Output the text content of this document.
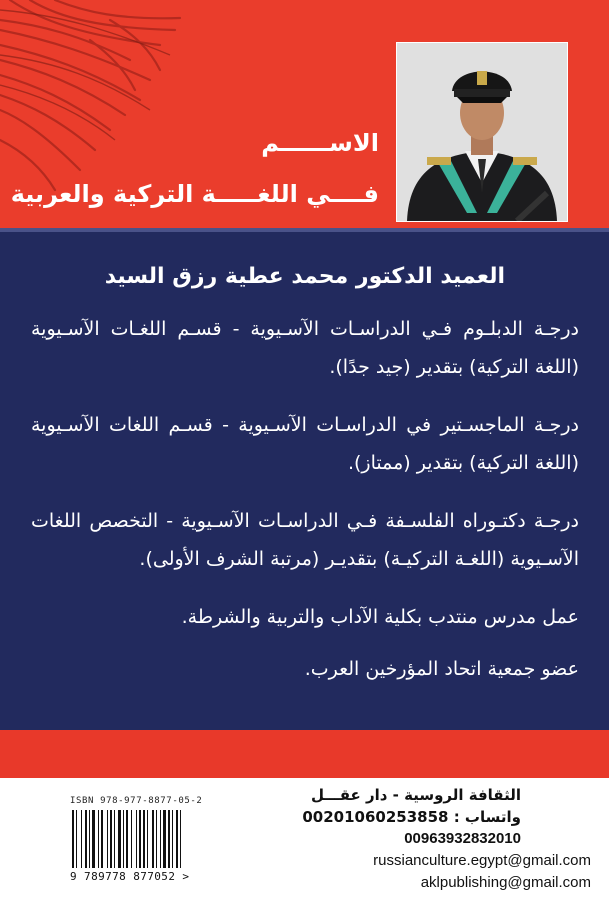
الاســــــم
فــــي اللغـــــة التركية والعربية
العميد الدكتور محمد عطية رزق السيد

درجـة الدبلـوم فـي الدراسـات الآسـيوية - قسـم اللغـات الآسـيوية (اللغة التركية) بتقدير (جيد جدًا).

درجـة الماجسـتير في الدراسـات الآسـيوية - قسـم اللغات الآسـيوية (اللغة التركية) بتقدير (ممتاز).

درجـة دكتـوراه الفلسـفة فـي الدراسـات الآسـيوية - التخصص اللغات الآسـيوية (اللغـة التركيـة) بتقديـر (مرتبة الشرف الأولى).

عمل مدرس منتدب بكلية الآداب والتربية والشرطة.

عضو جمعية اتحاد المؤرخين العرب.

ISBN 978-977-8877-05-2
9 789778 877052 >
الثقافة الروسية - دار عقـــل
واتساب : 00201060253858
00963932832010
russianculture.egypt@gmail.com
aklpublishing@gmail.com
